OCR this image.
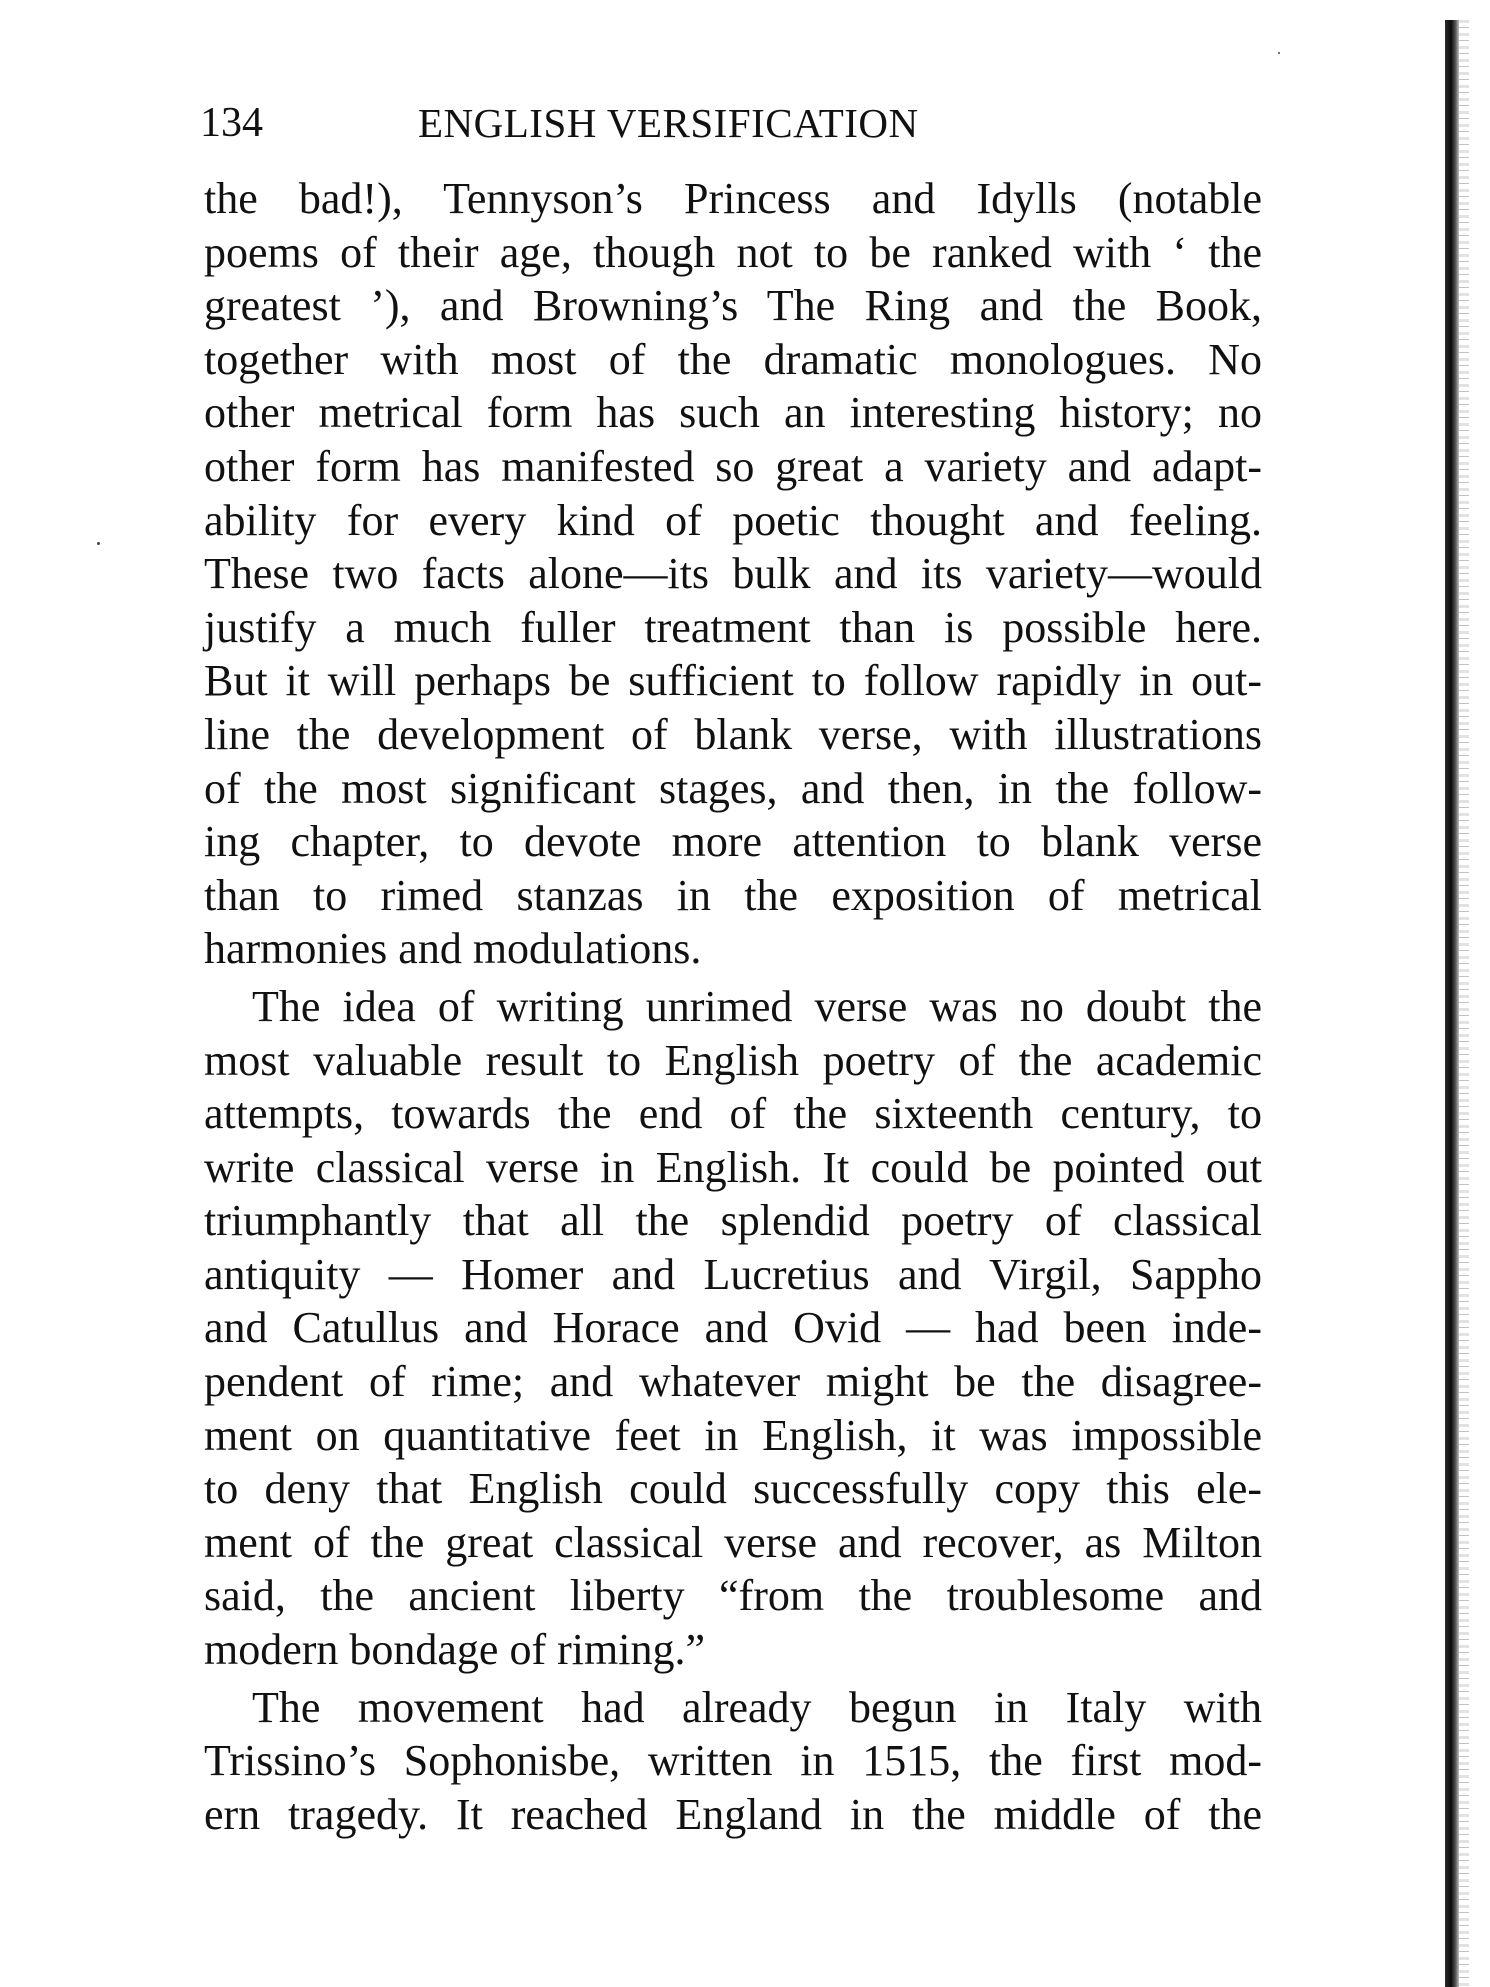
134	ENGLISH VERSIFICATION
the bad!), Tennyson’s Princess and Idylls (notable
poems of their age, though not to be ranked with ‘ the
greatest ’), and Browning’s The Ring and the Book,
together with most of the dramatic monologues. No
other metrical form has such an interesting history; no
other form has manifested so great a variety and adapt-
ability for every kind of poetic thought and feeling.
These two facts alone—its bulk and its variety—would
justify a much fuller treatment than is possible here.
But it will perhaps be sufficient to follow rapidly in out-
line the development of blank verse, with illustrations
of the most significant stages, and then, in the follow-
ing chapter, to devote more attention to blank verse
than to rimed stanzas in the exposition of metrical
harmonies and modulations.
The idea of writing unrimed verse was no doubt the
most valuable result to English poetry of the academic
attempts, towards the end of the sixteenth century, to
write classical verse in English. It could be pointed out
triumphantly that all the splendid poetry of classical
antiquity — Homer and Lucretius and Virgil, Sappho
and Catullus and Horace and Ovid — had been inde-
pendent of rime; and whatever might be the disagree-
ment on quantitative feet in English, it was impossible
to deny that English could successfully copy this ele-
ment of the great classical verse and recover, as Milton
said, the ancient liberty “from the troublesome and
modern bondage of riming.”
The movement had already begun in Italy with
Trissino’s Sophonisbe, written in 1515, the first mod-
ern tragedy. It reached England in the middle of the
